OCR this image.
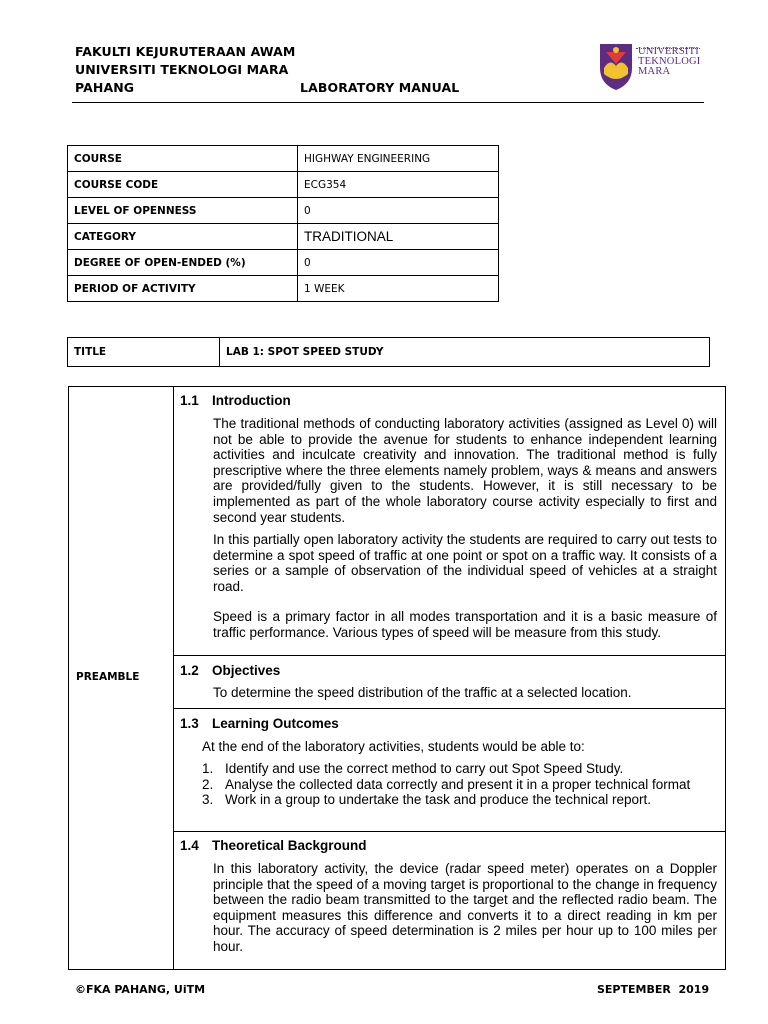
FAKULTI KEJURUTERAAN AWAM
UNIVERSITI TEKNOLOGI MARA
PAHANG	LABORATORY MANUAL
UNIVERSITI
TEKNOLOGI
MARA
COURSE	HIGHWAY ENGINEERING
COURSE CODE	ECG354
LEVEL OF OPENNESS	0
CATEGORY	TRADITIONAL
DEGREE OF OPEN-ENDED (%)	0
PERIOD OF ACTIVITY	1 WEEK
TITLE	LAB 1: SPOT SPEED STUDY
PREAMBLE
1.1 Introduction
The traditional methods of conducting laboratory activities (assigned as Level 0) will not be able to provide the avenue for students to enhance independent learning activities and inculcate creativity and innovation. The traditional method is fully prescriptive where the three elements namely problem, ways & means and answers are provided/fully given to the students. However, it is still necessary to be implemented as part of the whole laboratory course activity especially to first and second year students.
In this partially open laboratory activity the students are required to carry out tests to determine a spot speed of traffic at one point or spot on a traffic way. It consists of a series or a sample of observation of the individual speed of vehicles at a straight road.
Speed is a primary factor in all modes transportation and it is a basic measure of traffic performance. Various types of speed will be measure from this study.
1.2 Objectives
To determine the speed distribution of the traffic at a selected location.
1.3 Learning Outcomes
At the end of the laboratory activities, students would be able to:
1. Identify and use the correct method to carry out Spot Speed Study.
2. Analyse the collected data correctly and present it in a proper technical format
3. Work in a group to undertake the task and produce the technical report.
1.4 Theoretical Background
In this laboratory activity, the device (radar speed meter) operates on a Doppler principle that the speed of a moving target is proportional to the change in frequency between the radio beam transmitted to the target and the reflected radio beam. The equipment measures this difference and converts it to a direct reading in km per hour. The accuracy of speed determination is 2 miles per hour up to 100 miles per hour.
©FKA PAHANG, UiTM	SEPTEMBER  2019
